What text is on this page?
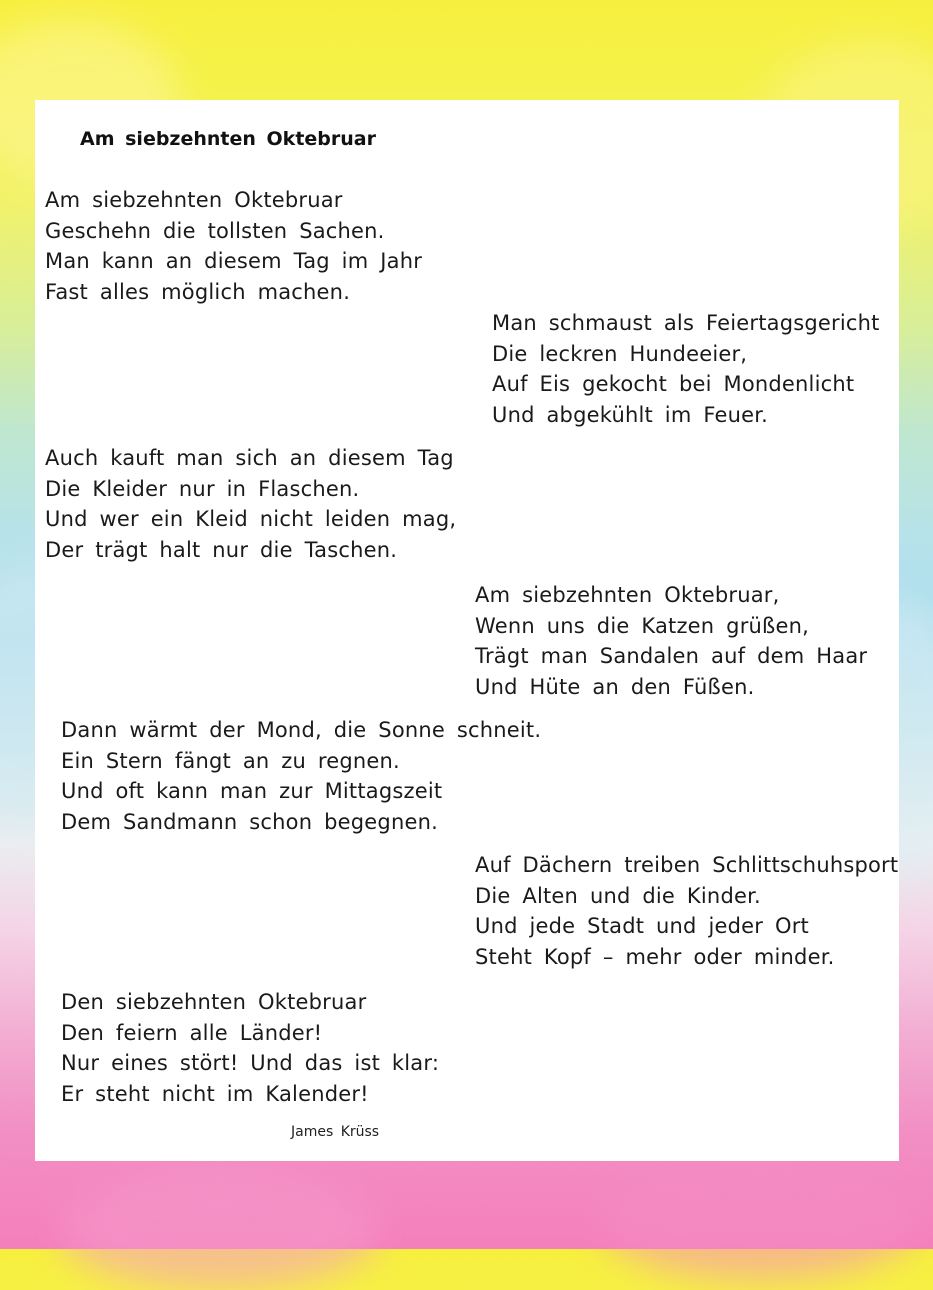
Am siebzehnten Oktebruar
Am siebzehnten Oktebruar
Geschehn die tollsten Sachen.
Man kann an diesem Tag im Jahr
Fast alles möglich machen.
Man schmaust als Feiertagsgericht
Die leckren Hundeeier,
Auf Eis gekocht bei Mondenlicht
Und abgekühlt im Feuer.
Auch kauft man sich an diesem Tag
Die Kleider nur in Flaschen.
Und wer ein Kleid nicht leiden mag,
Der trägt halt nur die Taschen.
Am siebzehnten Oktebruar,
Wenn uns die Katzen grüßen,
Trägt man Sandalen auf dem Haar
Und Hüte an den Füßen.
Dann wärmt der Mond, die Sonne schneit.
Ein Stern fängt an zu regnen.
Und oft kann man zur Mittagszeit
Dem Sandmann schon begegnen.
Auf Dächern treiben Schlittschuhsport
Die Alten und die Kinder.
Und jede Stadt und jeder Ort
Steht Kopf – mehr oder minder.
Den siebzehnten Oktebruar
Den feiern alle Länder!
Nur eines stört! Und das ist klar:
Er steht nicht im Kalender!
James Krüss
